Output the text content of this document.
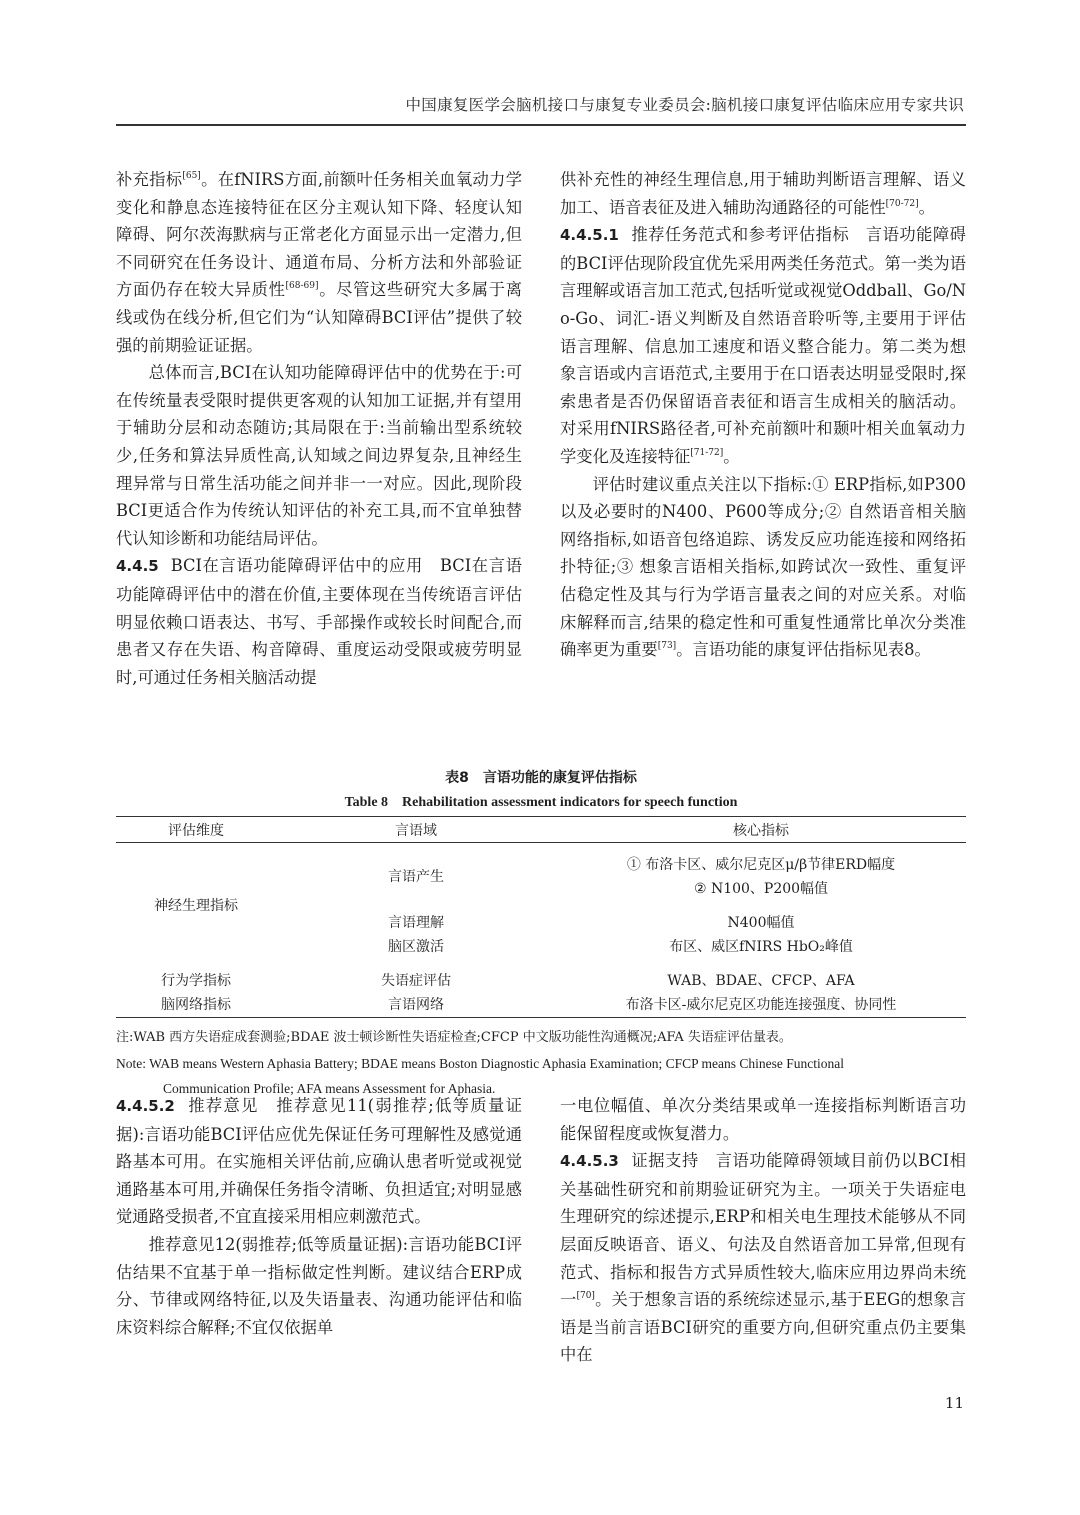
中国康复医学会脑机接口与康复专业委员会:脑机接口康复评估临床应用专家共识

补充指标[65]。在fNIRS方面,前额叶任务相关血氧动力学变化和静息态连接特征在区分主观认知下降、轻度认知障碍、阿尔茨海默病与正常老化方面显示出一定潜力,但不同研究在任务设计、通道布局、分析方法和外部验证方面仍存在较大异质性[68-69]。尽管这些研究大多属于离线或伪在线分析,但它们为“认知障碍BCI评估”提供了较强的前期验证证据。

总体而言,BCI在认知功能障碍评估中的优势在于:可在传统量表受限时提供更客观的认知加工证据,并有望用于辅助分层和动态随访;其局限在于:当前输出型系统较少,任务和算法异质性高,认知域之间边界复杂,且神经生理异常与日常生活功能之间并非一一对应。因此,现阶段BCI更适合作为传统认知评估的补充工具,而不宜单独替代认知诊断和功能结局评估。

4.4.5 BCI在言语功能障碍评估中的应用　 BCI在言语功能障碍评估中的潜在价值,主要体现在当传统语言评估明显依赖口语表达、书写、手部操作或较长时间配合,而患者又存在失语、构音障碍、重度运动受限或疲劳明显时,可通过任务相关脑活动提

供补充性的神经生理信息,用于辅助判断语言理解、语义加工、语音表征及进入辅助沟通路径的可能性[70-72]。

4.4.5.1 推荐任务范式和参考评估指标　 言语功能障碍的BCI评估现阶段宜优先采用两类任务范式。第一类为语言理解或语言加工范式,包括听觉或视觉Oddball、Go/No-Go、词汇-语义判断及自然语音聆听等,主要用于评估语言理解、信息加工速度和语义整合能力。第二类为想象言语或内言语范式,主要用于在口语表达明显受限时,探索患者是否仍保留语音表征和语言生成相关的脑活动。对采用fNIRS路径者,可补充前额叶和颞叶相关血氧动力学变化及连接特征[71-72]。

评估时建议重点关注以下指标:① ERP指标,如P300以及必要时的N400、P600等成分;② 自然语音相关脑网络指标,如语音包络追踪、诱发反应功能连接和网络拓扑特征;③ 想象言语相关指标,如跨试次一致性、重复评估稳定性及其与行为学语言量表之间的对应关系。对临床解释而言,结果的稳定性和可重复性通常比单次分类准确率更为重要[73]。言语功能的康复评估指标见表8。

表8　言语功能的康复评估指标
Table 8　Rehabilitation assessment indicators for speech function
评估维度	言语域	核心指标

神经生理指标	言语产生	① 布洛卡区、威尔尼克区μ/β节律ERD幅度
		② N100、P200幅值
	言语理解	N400幅值
	脑区激活	布区、威区fNIRS HbO₂峰值
行为学指标	失语症评估	WAB、BDAE、CFCP、AFA
脑网络指标	言语网络	布洛卡区-威尔尼克区功能连接强度、协同性
注:WAB 西方失语症成套测验;BDAE 波士顿诊断性失语症检查;CFCP 中文版功能性沟通概况;AFA 失语症评估量表。
Note: WAB means Western Aphasia Battery; BDAE means Boston Diagnostic Aphasia Examination; CFCP means Chinese Functional
Communication Profile; AFA means Assessment for Aphasia.

4.4.5.2 推荐意见　 推荐意见11(弱推荐;低等质量证据):言语功能BCI评估应优先保证任务可理解性及感觉通路基本可用。在实施相关评估前,应确认患者听觉或视觉通路基本可用,并确保任务指令清晰、负担适宜;对明显感觉通路受损者,不宜直接采用相应刺激范式。

推荐意见12(弱推荐;低等质量证据):言语功能BCI评估结果不宜基于单一指标做定性判断。建议结合ERP成分、节律或网络特征,以及失语量表、沟通功能评估和临床资料综合解释;不宜仅依据单

一电位幅值、单次分类结果或单一连接指标判断语言功能保留程度或恢复潜力。

4.4.5.3 证据支持　 言语功能障碍领域目前仍以BCI相关基础性研究和前期验证研究为主。一项关于失语症电生理研究的综述提示,ERP和相关电生理技术能够从不同层面反映语音、语义、句法及自然语音加工异常,但现有范式、指标和报告方式异质性较大,临床应用边界尚未统一[70]。关于想象言语的系统综述显示,基于EEG的想象言语是当前言语BCI研究的重要方向,但研究重点仍主要集中在

11
